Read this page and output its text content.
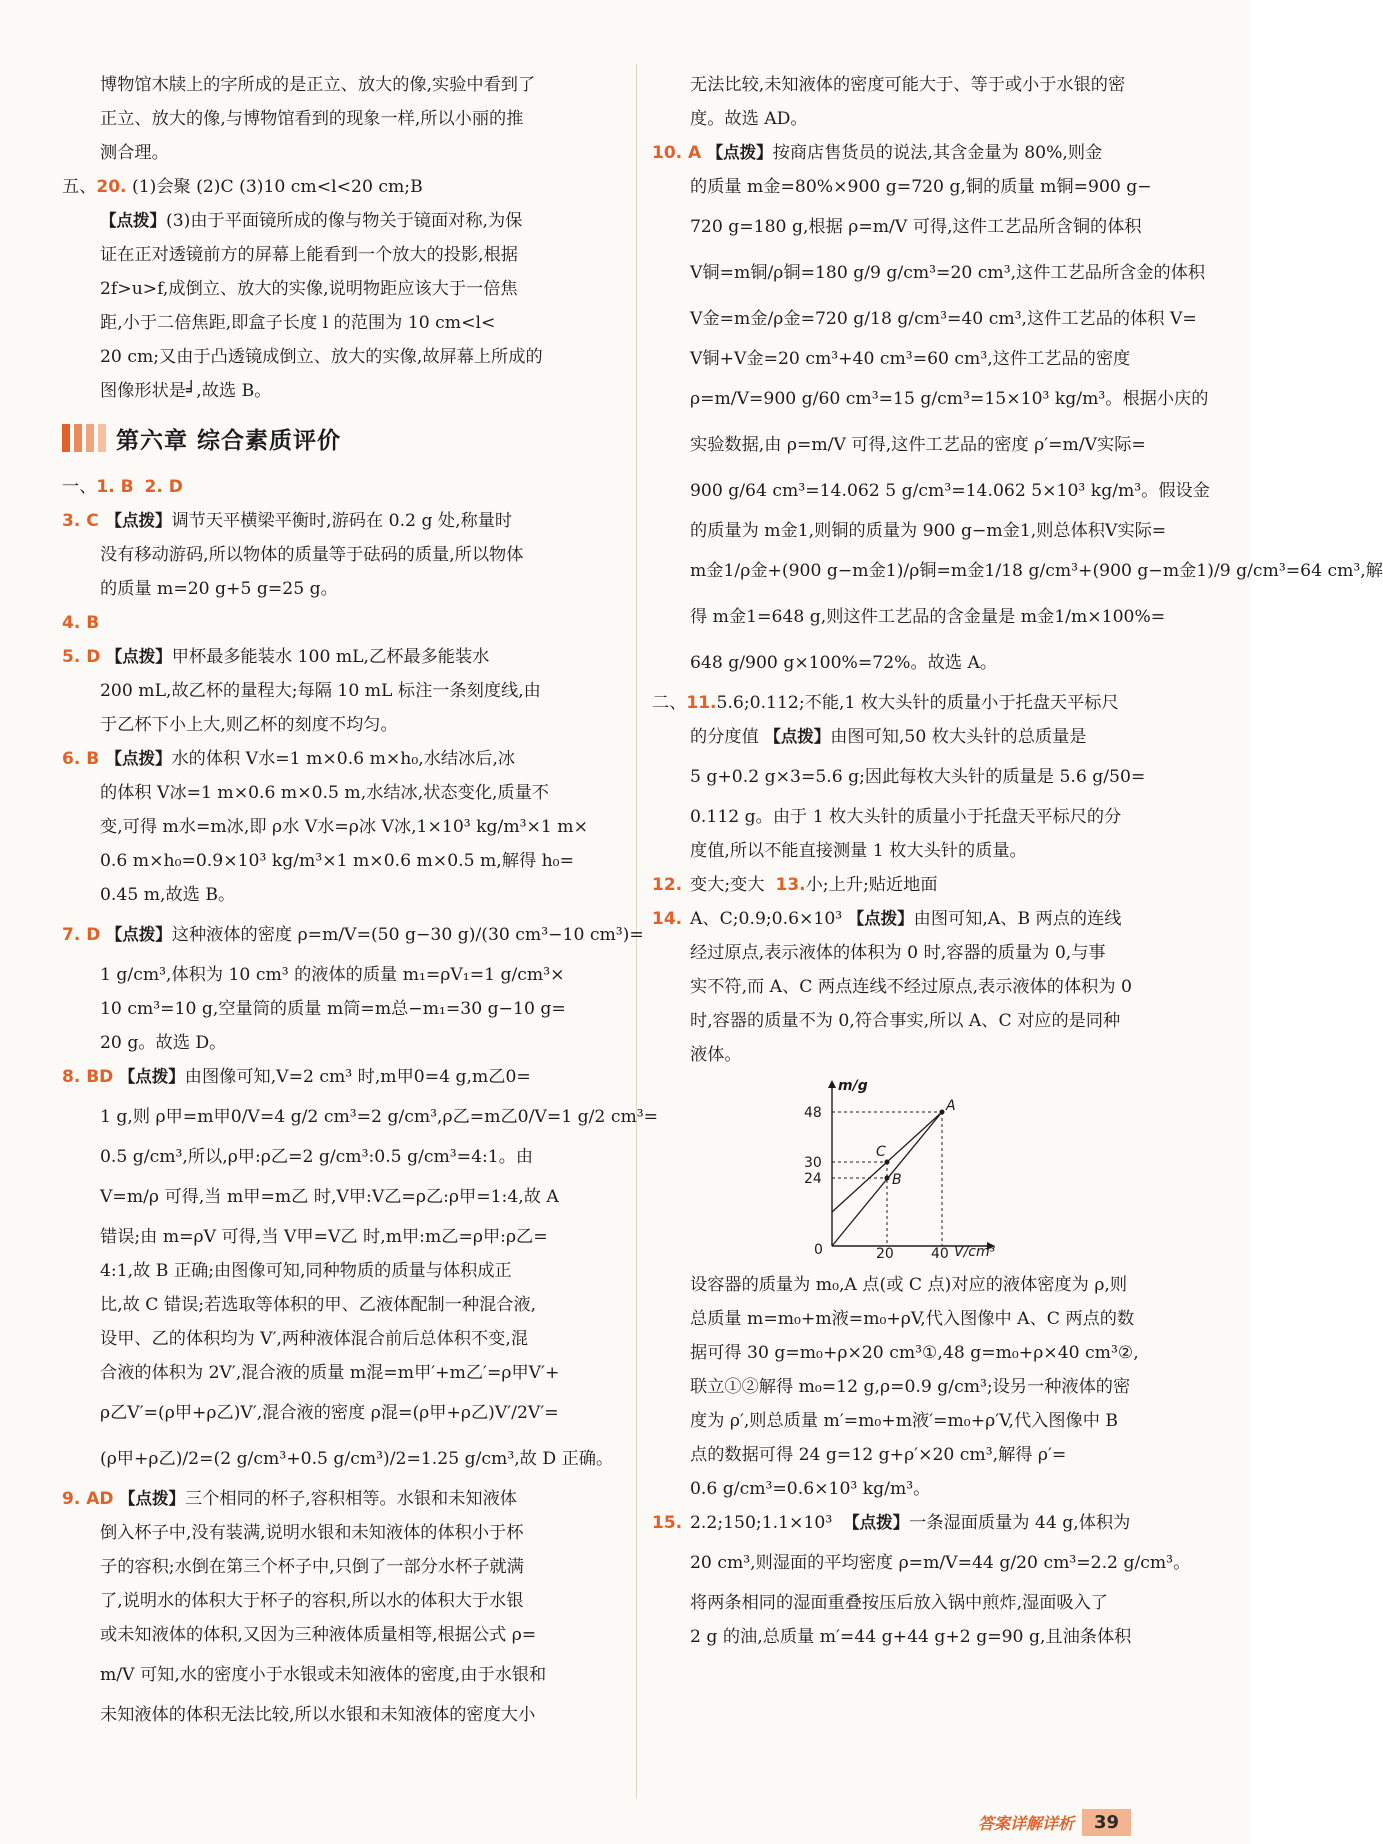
博物馆木牍上的字所成的是正立、放大的像,实验中看到了
正立、放大的像,与博物馆看到的现象一样,所以小丽的推
测合理。
五、20. (1)会聚 (2)C (3)10 cm<l<20 cm;B
【点拨】(3)由于平面镜所成的像与物关于镜面对称,为保
证在正对透镜前方的屏幕上能看到一个放大的投影,根据
2f>u>f,成倒立、放大的实像,说明物距应该大于一倍焦
距,小于二倍焦距,即盒子长度 l 的范围为 10 cm<l<
20 cm;又由于凸透镜成倒立、放大的实像,故屏幕上所成的
图像形状是╛,故选 B。
第六章 综合素质评价
一、1. B 2. D
3. C 【点拨】调节天平横梁平衡时,游码在 0.2 g 处,称量时
没有移动游码,所以物体的质量等于砝码的质量,所以物体
的质量 m=20 g+5 g=25 g。
4. B
5. D 【点拨】甲杯最多能装水 100 mL,乙杯最多能装水
200 mL,故乙杯的量程大;每隔 10 mL 标注一条刻度线,由
于乙杯下小上大,则乙杯的刻度不均匀。
6. B 【点拨】水的体积 V水=1 m×0.6 m×h₀,水结冰后,冰
的体积 V冰=1 m×0.6 m×0.5 m,水结冰,状态变化,质量不
变,可得 m水=m冰,即 ρ水 V水=ρ冰 V冰,1×10³ kg/m³×1 m×
0.6 m×h₀=0.9×10³ kg/m³×1 m×0.6 m×0.5 m,解得 h₀=
0.45 m,故选 B。
7. D 【点拨】这种液体的密度 ρ=m/V=(50 g−30 g)/(30 cm³−10 cm³)=
1 g/cm³,体积为 10 cm³ 的液体的质量 m₁=ρV₁=1 g/cm³×
10 cm³=10 g,空量筒的质量 m筒=m总−m₁=30 g−10 g=
20 g。故选 D。
8. BD 【点拨】由图像可知,V=2 cm³ 时,m甲0=4 g,m乙0=
1 g,则 ρ甲=m甲0/V=4 g/2 cm³=2 g/cm³,ρ乙=m乙0/V=1 g/2 cm³=
0.5 g/cm³,所以,ρ甲:ρ乙=2 g/cm³:0.5 g/cm³=4:1。由
V=m/ρ 可得,当 m甲=m乙 时,V甲:V乙=ρ乙:ρ甲=1:4,故 A
错误;由 m=ρV 可得,当 V甲=V乙 时,m甲:m乙=ρ甲:ρ乙=
4:1,故 B 正确;由图像可知,同种物质的质量与体积成正
比,故 C 错误;若选取等体积的甲、乙液体配制一种混合液,
设甲、乙的体积均为 V′,两种液体混合前后总体积不变,混
合液的体积为 2V′,混合液的质量 m混=m甲′+m乙′=ρ甲V′+
ρ乙V′=(ρ甲+ρ乙)V′,混合液的密度 ρ混=(ρ甲+ρ乙)V′/2V′=
(ρ甲+ρ乙)/2=(2 g/cm³+0.5 g/cm³)/2=1.25 g/cm³,故 D 正确。
9. AD 【点拨】三个相同的杯子,容积相等。水银和未知液体
倒入杯子中,没有装满,说明水银和未知液体的体积小于杯
子的容积;水倒在第三个杯子中,只倒了一部分水杯子就满
了,说明水的体积大于杯子的容积,所以水的体积大于水银
或未知液体的体积,又因为三种液体质量相等,根据公式 ρ=
m/V 可知,水的密度小于水银或未知液体的密度,由于水银和
未知液体的体积无法比较,所以水银和未知液体的密度大小
无法比较,未知液体的密度可能大于、等于或小于水银的密
度。故选 AD。
10. A 【点拨】按商店售货员的说法,其含金量为 80%,则金
的质量 m金=80%×900 g=720 g,铜的质量 m铜=900 g−
720 g=180 g,根据 ρ=m/V 可得,这件工艺品所含铜的体积
V铜=m铜/ρ铜=180 g/9 g/cm³=20 cm³,这件工艺品所含金的体积
V金=m金/ρ金=720 g/18 g/cm³=40 cm³,这件工艺品的体积 V=
V铜+V金=20 cm³+40 cm³=60 cm³,这件工艺品的密度
ρ=m/V=900 g/60 cm³=15 g/cm³=15×10³ kg/m³。根据小庆的
实验数据,由 ρ=m/V 可得,这件工艺品的密度 ρ′=m/V实际=
900 g/64 cm³=14.062 5 g/cm³=14.062 5×10³ kg/m³。假设金
的质量为 m金1,则铜的质量为 900 g−m金1,则总体积V实际=
m金1/ρ金+(900 g−m金1)/ρ铜=m金1/18 g/cm³+(900 g−m金1)/9 g/cm³=64 cm³,解
得 m金1=648 g,则这件工艺品的含金量是 m金1/m×100%=
648 g/900 g×100%=72%。故选 A。
二、11.5.6;0.112;不能,1 枚大头针的质量小于托盘天平标尺
的分度值 【点拨】由图可知,50 枚大头针的总质量是
5 g+0.2 g×3=5.6 g;因此每枚大头针的质量是 5.6 g/50=
0.112 g。由于 1 枚大头针的质量小于托盘天平标尺的分
度值,所以不能直接测量 1 枚大头针的质量。
12. 变大;变大 13.小;上升;贴近地面
14. A、C;0.9;0.6×10³ 【点拨】由图可知,A、B 两点的连线
经过原点,表示液体的体积为 0 时,容器的质量为 0,与事
实不符,而 A、C 两点连线不经过原点,表示液体的体积为 0
时,容器的质量不为 0,符合事实,所以 A、C 对应的是同种
液体。
m/g
V/cm³
48
30
24
20	40
0
A
B
C
设容器的质量为 m₀,A 点(或 C 点)对应的液体密度为 ρ,则
总质量 m=m₀+m液=m₀+ρV,代入图像中 A、C 两点的数
据可得 30 g=m₀+ρ×20 cm³①,48 g=m₀+ρ×40 cm³②,
联立①②解得 m₀=12 g,ρ=0.9 g/cm³;设另一种液体的密
度为 ρ′,则总质量 m′=m₀+m液′=m₀+ρ′V,代入图像中 B
点的数据可得 24 g=12 g+ρ′×20 cm³,解得 ρ′=
0.6 g/cm³=0.6×10³ kg/m³。
15. 2.2;150;1.1×10³ 【点拨】一条湿面质量为 44 g,体积为
20 cm³,则湿面的平均密度 ρ=m/V=44 g/20 cm³=2.2 g/cm³。
将两条相同的湿面重叠按压后放入锅中煎炸,湿面吸入了
2 g 的油,总质量 m′=44 g+44 g+2 g=90 g,且油条体积
答案详解详析	39
